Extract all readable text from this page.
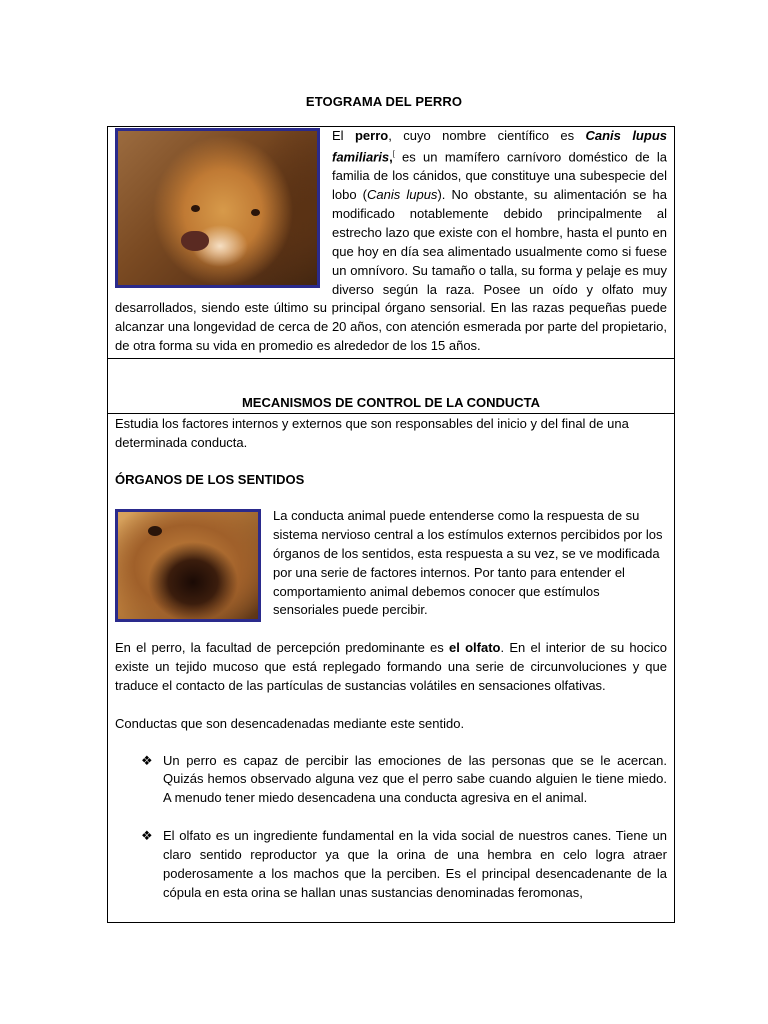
ETOGRAMA DEL PERRO

El perro, cuyo nombre científico es Canis lupus familiaris,[ es un mamífero carnívoro doméstico de la familia de los cánidos, que constituye una subespecie del lobo (Canis lupus). No obstante, su alimentación se ha modificado notablemente debido principalmente al estrecho lazo que existe con el hombre, hasta el punto en que hoy en día sea alimentado usualmente como si fuese un omnívoro. Su tamaño o talla, su forma y pelaje es muy diverso según la raza. Posee un oído y olfato muy desarrollados, siendo este último su principal órgano sensorial. En las razas pequeñas puede alcanzar una longevidad de cerca de 20 años, con atención esmerada por parte del propietario, de otra forma su vida en promedio es alrededor de los 15 años.

MECANISMOS DE CONTROL DE LA CONDUCTA

Estudia los factores internos y externos que son responsables del inicio y del final de una determinada conducta.

ÓRGANOS DE LOS SENTIDOS

La conducta animal puede entenderse como la respuesta de su sistema nervioso central a los estímulos externos percibidos por los órganos de los sentidos, esta respuesta a su vez, se ve modificada por una serie de factores internos. Por tanto para entender el comportamiento animal debemos conocer que estímulos sensoriales puede percibir.

En el perro, la facultad de percepción predominante es el olfato. En el interior de su hocico existe un tejido mucoso que está replegado formando una serie de circunvoluciones y que traduce el contacto de las partículas de sustancias volátiles en sensaciones olfativas.

Conductas que son desencadenadas mediante este sentido.

❖ Un perro es capaz de percibir las emociones de las personas que se le acercan. Quizás hemos observado alguna vez que el perro sabe cuando alguien le tiene miedo. A menudo tener miedo desencadena una conducta agresiva en el animal.
❖ El olfato es un ingrediente fundamental en la vida social de nuestros canes. Tiene un claro sentido reproductor ya que la orina de una hembra en celo logra atraer poderosamente a los machos que la perciben. Es el principal desencadenante de la cópula en esta orina se hallan unas sustancias denominadas feromonas,
